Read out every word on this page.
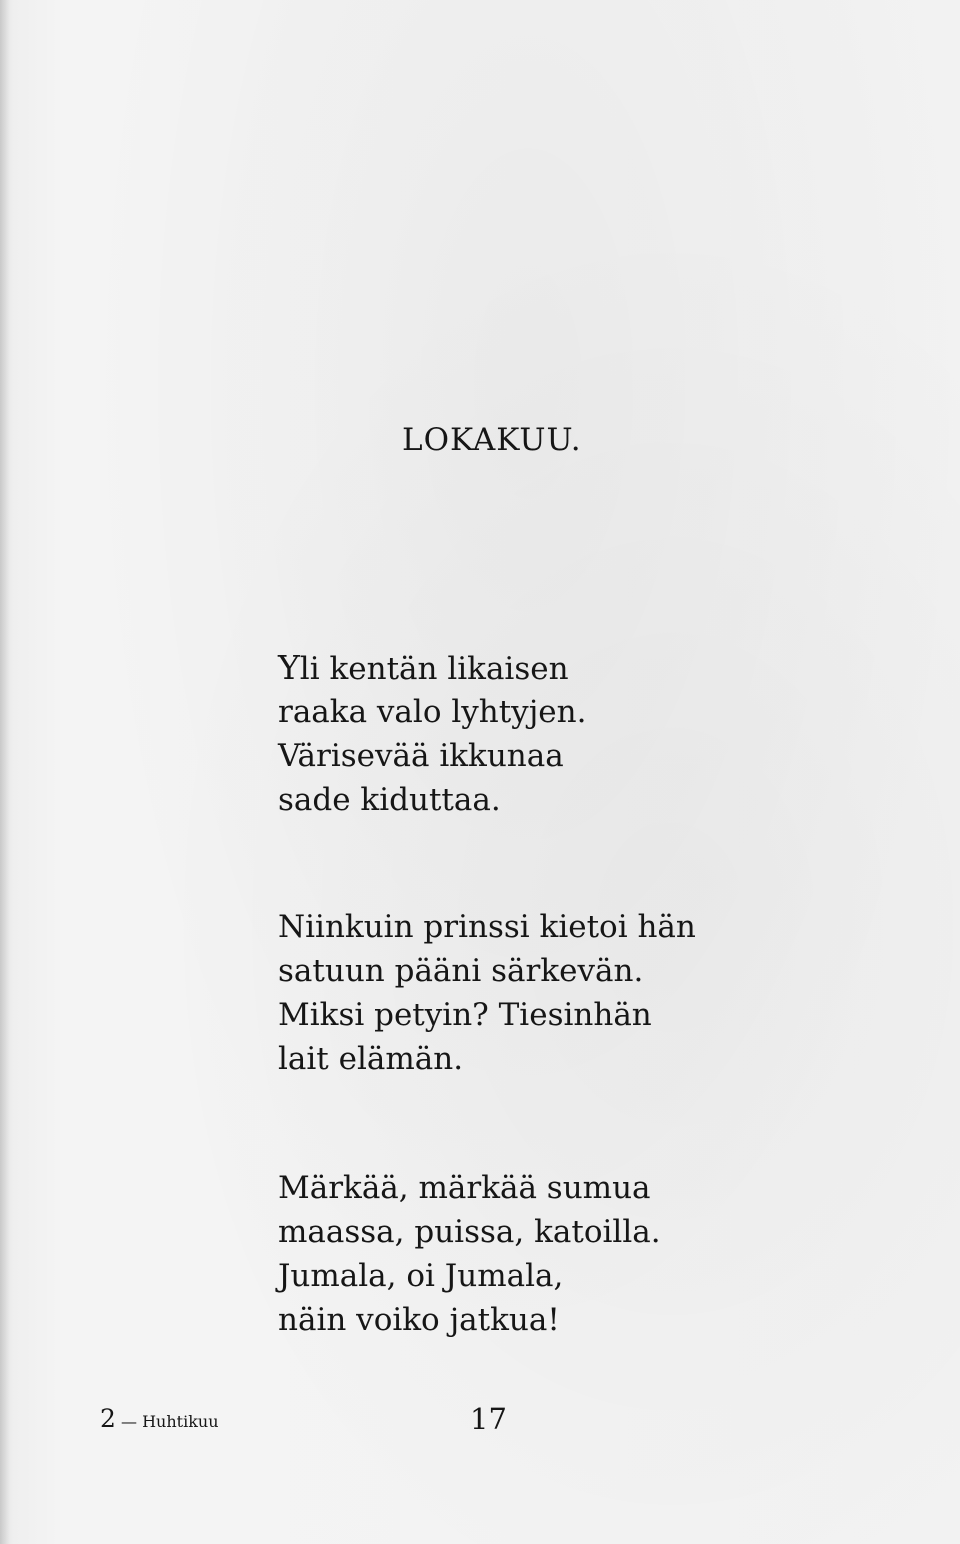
LOKAKUU.
Yli kentän likaisen
raaka valo lyhtyjen.
Värisevää ikkunaa
sade kiduttaa.
Niinkuin prinssi kietoi hän
satuun pääni särkevän.
Miksi petyin? Tiesinhän
lait elämän.
Märkää, märkää sumua
maassa, puissa, katoilla.
Jumala, oi Jumala,
näin voiko jatkua!
2 — Huhtikuu	17
